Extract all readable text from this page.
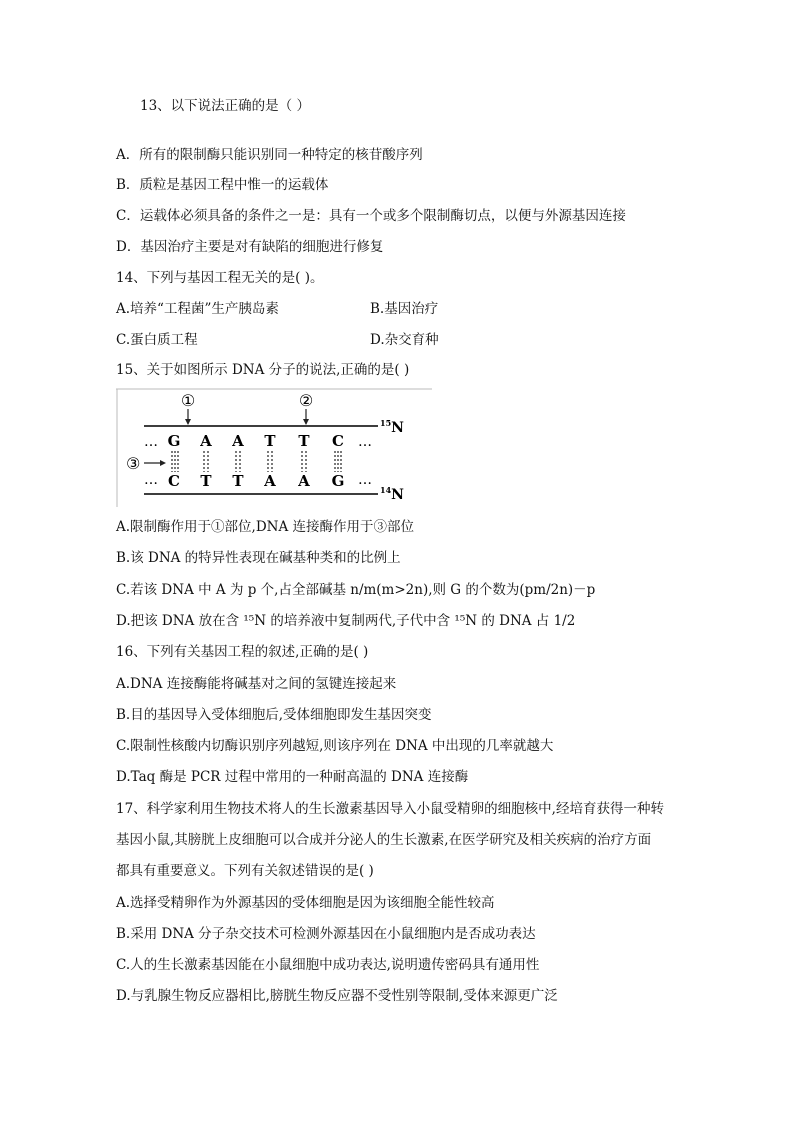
13、以下说法正确的是（ ）
A．所有的限制酶只能识别同一种特定的核苷酸序列
B．质粒是基因工程中惟一的运载体
C．运载体必须具备的条件之一是：具有一个或多个限制酶切点，以便与外源基因连接
D．基因治疗主要是对有缺陷的细胞进行修复
14、下列与基因工程无关的是( )。
A.培养“工程菌”生产胰岛素	B.基因治疗
C.蛋白质工程	D.杂交育种
15、关于如图所示 DNA 分子的说法,正确的是( )
①	②
③
…
…
…
…
G A A T T C
C T T A A G
$^{15}$N
$^{14}$N
A.限制酶作用于①部位,DNA 连接酶作用于③部位
B.该 DNA 的特异性表现在碱基种类和的比例上
C.若该 DNA 中 A 为 p 个,占全部碱基 n/m(m>2n),则 G 的个数为(pm/2n)－p
D.把该 DNA 放在含 ¹⁵N 的培养液中复制两代,子代中含 ¹⁵N 的 DNA 占 1/2
16、下列有关基因工程的叙述,正确的是( )
A.DNA 连接酶能将碱基对之间的氢键连接起来
B.目的基因导入受体细胞后,受体细胞即发生基因突变
C.限制性核酸内切酶识别序列越短,则该序列在 DNA 中出现的几率就越大
D.Taq 酶是 PCR 过程中常用的一种耐高温的 DNA 连接酶
17、科学家利用生物技术将人的生长激素基因导入小鼠受精卵的细胞核中,经培育获得一种转
基因小鼠,其膀胱上皮细胞可以合成并分泌人的生长激素,在医学研究及相关疾病的治疗方面
都具有重要意义。下列有关叙述错误的是( )
A.选择受精卵作为外源基因的受体细胞是因为该细胞全能性较高
B.采用 DNA 分子杂交技术可检测外源基因在小鼠细胞内是否成功表达
C.人的生长激素基因能在小鼠细胞中成功表达,说明遗传密码具有通用性
D.与乳腺生物反应器相比,膀胱生物反应器不受性别等限制,受体来源更广泛
